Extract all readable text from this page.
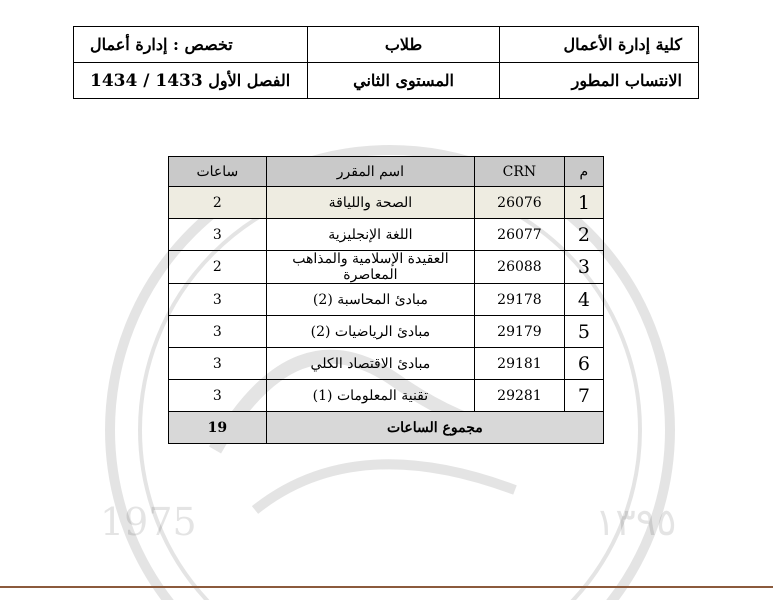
1975	١٣٩٥
كلية إدارة الأعمال	طلاب	تخصص : إدارة أعمال
الانتساب المطور	المستوى الثاني	الفصل الأول 1434 / 1433
م	CRN	اسم المقرر	ساعات
1	26076	الصحة واللياقة	2
2	26077	اللغة الإنجليزية	3
3	26088	العقيدة الإسلامية والمذاهب المعاصرة	2
4	29178	مبادئ المحاسبة (2)	3
5	29179	مبادئ الرياضيات (2)	3
6	29181	مبادئ الاقتصاد الكلي	3
7	29281	تقنية المعلومات (1)	3
مجموع الساعات			19
